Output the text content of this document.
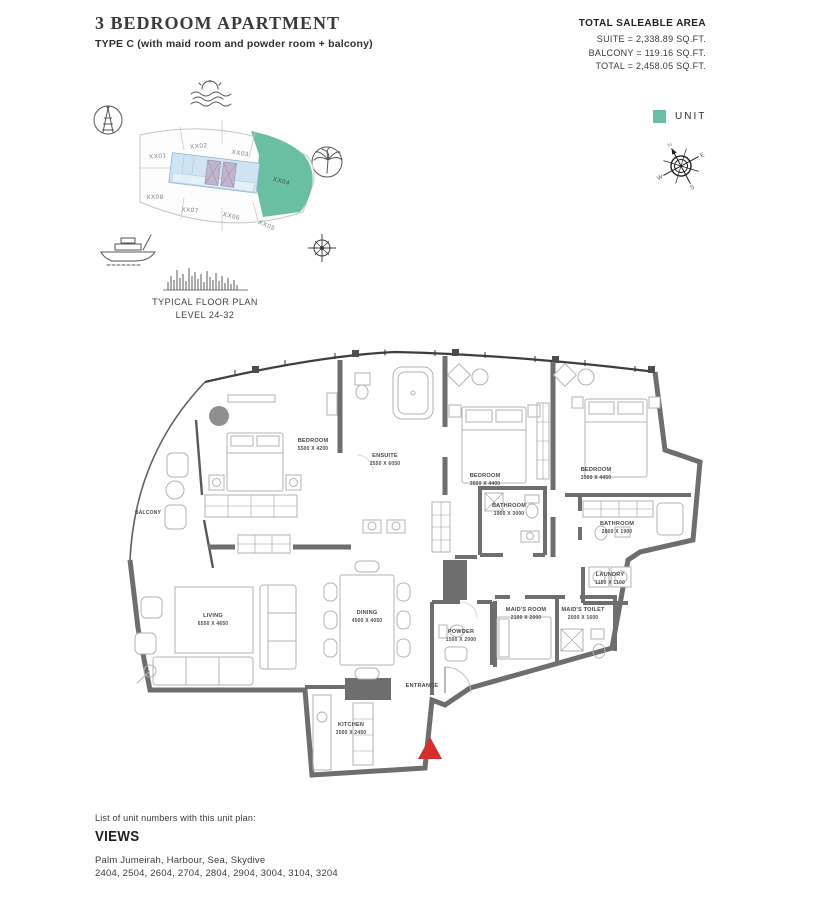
3 BEDROOM APARTMENT
TYPE C (with maid room and powder room + balcony)
TOTAL SALEABLE AREA
SUITE = 2,338.89 SQ.FT.
BALCONY = 119.16 SQ.FT.
TOTAL = 2,458.05 SQ.FT.
XX01
XX02
XX03
XX04
XX05
XX06
XX07
XX08
TYPICAL FLOOR PLAN
LEVEL 24-32
UNIT
N
E
S
W
BALCONY
BEDROOM
5500 X 4200
ENSUITE
2550 X 6050
BEDROOM
3600 X 4400
BATHROOM
1900 X 3000
BEDROOM
3500 X 4450
BATHROOM
2800 X 1900
LAUNDRY
1150 X 1100
LIVING
6550 X 4650
DINING
4500 X 4050
POWDER
1500 X 2000
MAID'S ROOM
2100 X 2000
MAID'S TOILET
2000 X 1600
ENTRANCE
KITCHEN
3500 X 2450
List of unit numbers with this unit plan:
VIEWS
Palm Jumeirah, Harbour, Sea, Skydive
2404, 2504, 2604, 2704, 2804, 2904, 3004, 3104, 3204
